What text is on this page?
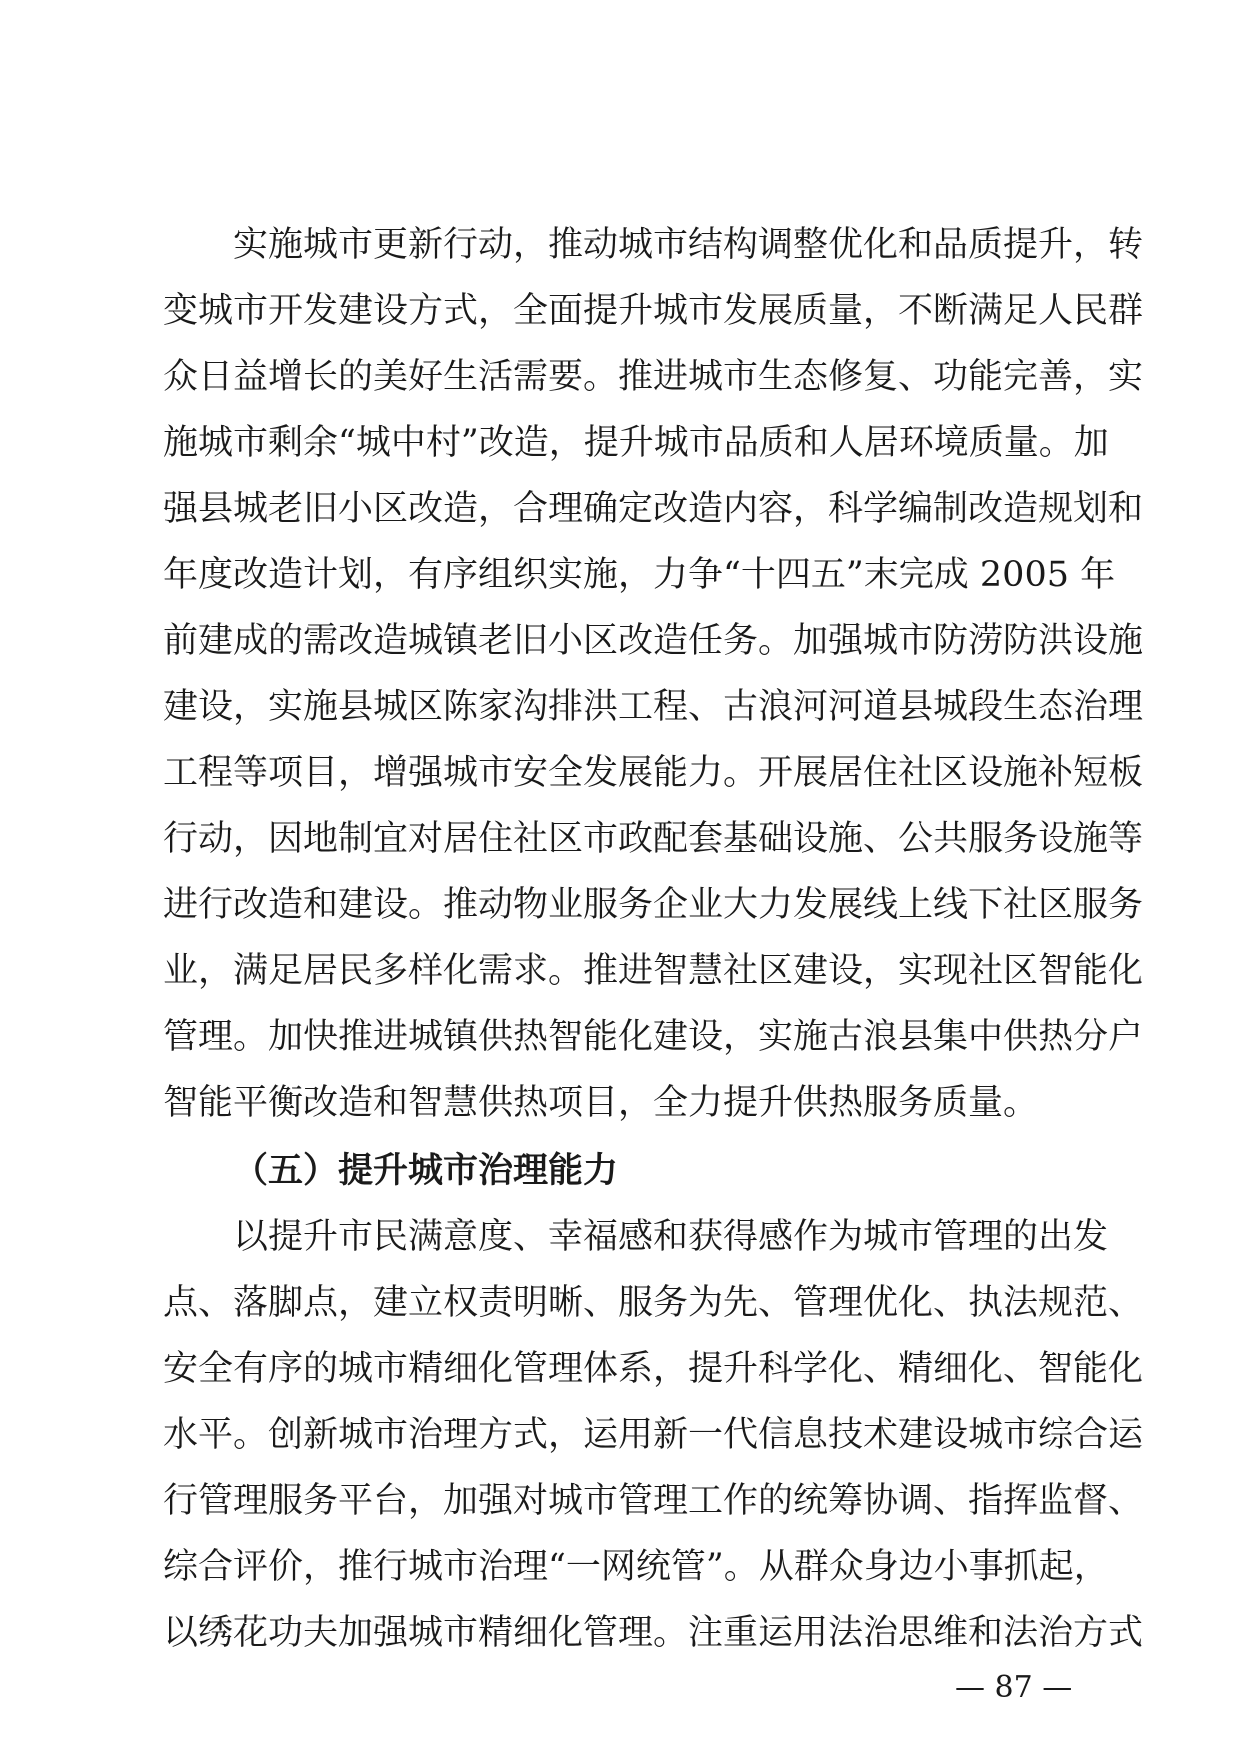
实施城市更新行动，推动城市结构调整优化和品质提升，转
变城市开发建设方式，全面提升城市发展质量，不断满足人民群
众日益增长的美好生活需要。推进城市生态修复、功能完善，实
施城市剩余“城中村”改造，提升城市品质和人居环境质量。加
强县城老旧小区改造，合理确定改造内容，科学编制改造规划和
年度改造计划，有序组织实施，力争“十四五”末完成 2005 年
前建成的需改造城镇老旧小区改造任务。加强城市防涝防洪设施
建设，实施县城区陈家沟排洪工程、古浪河河道县城段生态治理
工程等项目，增强城市安全发展能力。开展居住社区设施补短板
行动，因地制宜对居住社区市政配套基础设施、公共服务设施等
进行改造和建设。推动物业服务企业大力发展线上线下社区服务
业，满足居民多样化需求。推进智慧社区建设，实现社区智能化
管理。加快推进城镇供热智能化建设，实施古浪县集中供热分户
智能平衡改造和智慧供热项目，全力提升供热服务质量。
（五）提升城市治理能力
以提升市民满意度、幸福感和获得感作为城市管理的出发
点、落脚点，建立权责明晰、服务为先、管理优化、执法规范、
安全有序的城市精细化管理体系，提升科学化、精细化、智能化
水平。创新城市治理方式，运用新一代信息技术建设城市综合运
行管理服务平台，加强对城市管理工作的统筹协调、指挥监督、
综合评价，推行城市治理“一网统管”。从群众身边小事抓起，
以绣花功夫加强城市精细化管理。注重运用法治思维和法治方式
— 87 —
